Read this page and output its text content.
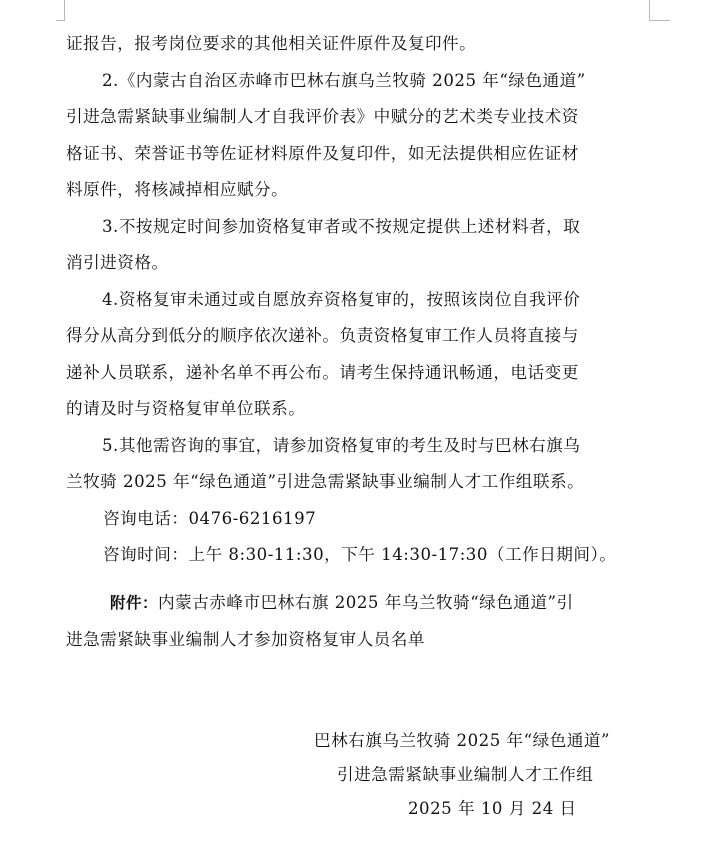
证报告，报考岗位要求的其他相关证件原件及复印件。
2.《内蒙古自治区赤峰市巴林右旗乌兰牧骑 2025 年“绿色通道”
引进急需紧缺事业编制人才自我评价表》中赋分的艺术类专业技术资
格证书、荣誉证书等佐证材料原件及复印件，如无法提供相应佐证材
料原件，将核减掉相应赋分。
3.不按规定时间参加资格复审者或不按规定提供上述材料者，取
消引进资格。
4.资格复审未通过或自愿放弃资格复审的，按照该岗位自我评价
得分从高分到低分的顺序依次递补。负责资格复审工作人员将直接与
递补人员联系，递补名单不再公布。请考生保持通讯畅通，电话变更
的请及时与资格复审单位联系。
5.其他需咨询的事宜，请参加资格复审的考生及时与巴林右旗乌
兰牧骑 2025 年“绿色通道”引进急需紧缺事业编制人才工作组联系。
咨询电话：0476-6216197
咨询时间：上午 8:30-11:30，下午 14:30-17:30（工作日期间）。
附件：内蒙古赤峰市巴林右旗 2025 年乌兰牧骑“绿色通道”引
进急需紧缺事业编制人才参加资格复审人员名单
巴林右旗乌兰牧骑 2025 年“绿色通道”
引进急需紧缺事业编制人才工作组
2025 年 10 月 24 日
